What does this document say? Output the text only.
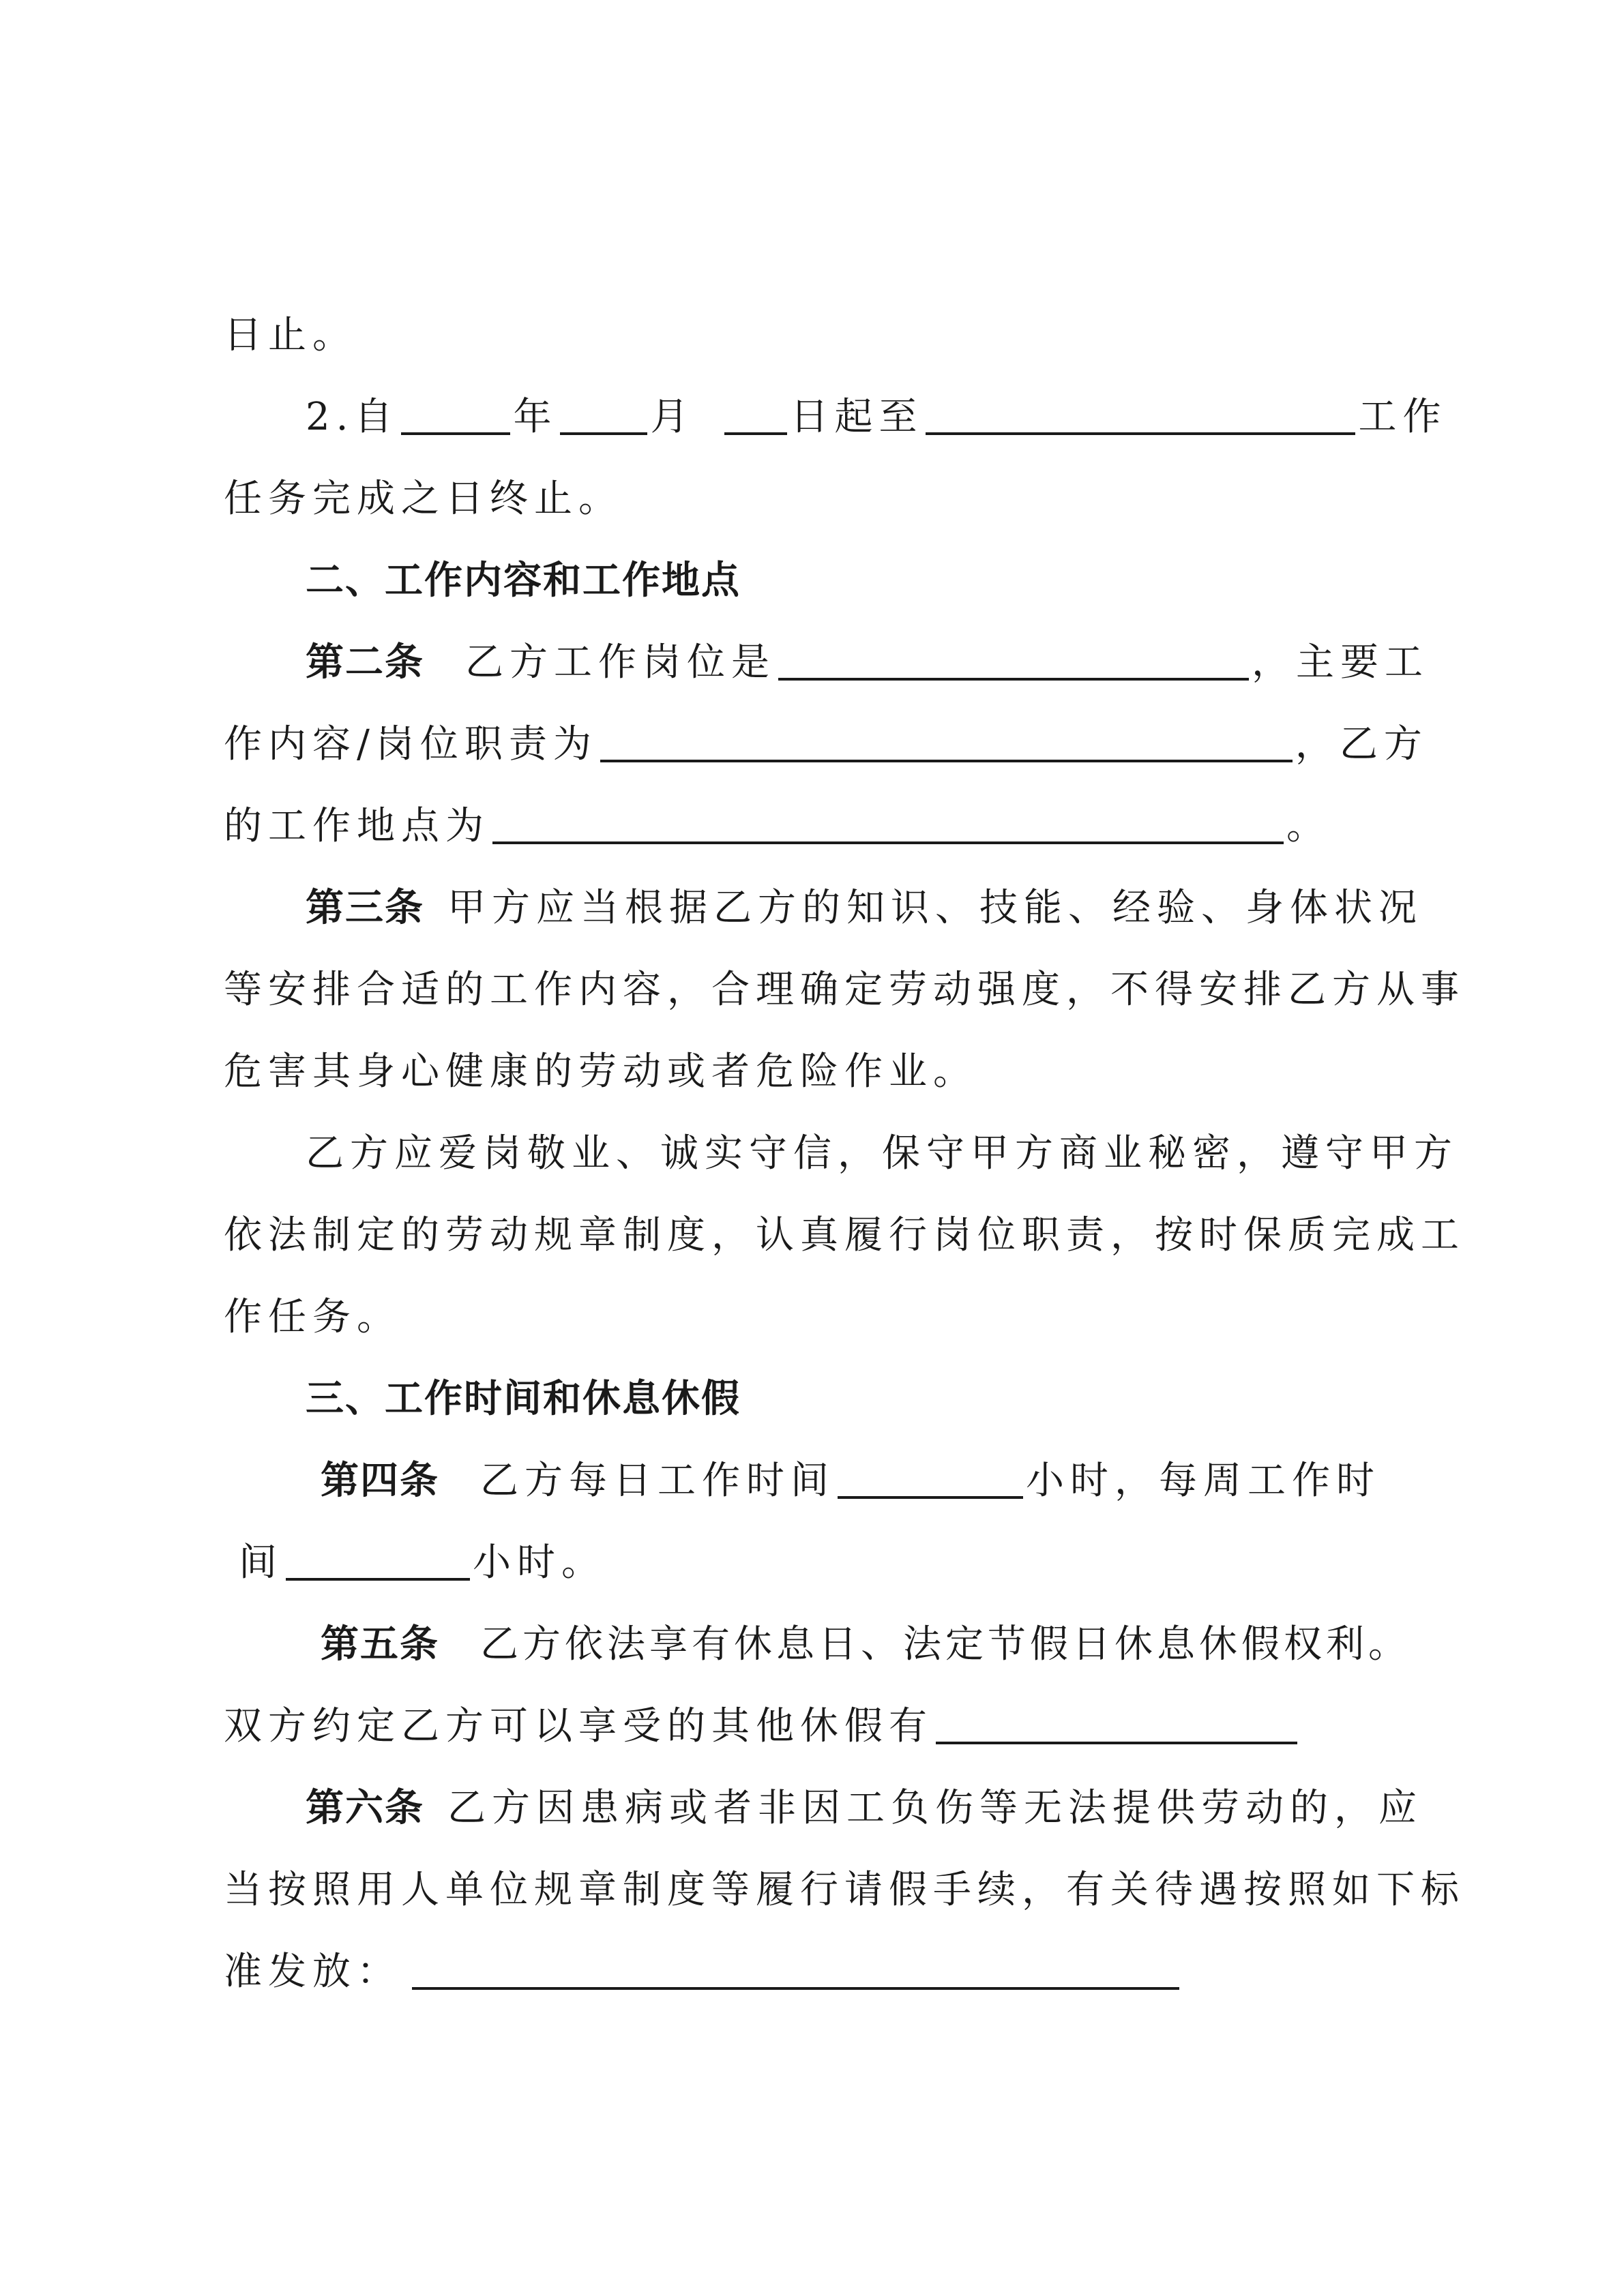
日止。
2.自	年 月	日起至	工作
任务完成之日终止。
二、工作内容和工作地点
第二条 乙方工作岗位是	，主要工
作内容/岗位职责为	，乙方
的工作地点为	。
第三条 甲方应当根据乙方的知识、技能、经验、身体状况
等安排合适的工作内容，合理确定劳动强度，不得安排乙方从事
危害其身心健康的劳动或者危险作业。
乙方应爱岗敬业、诚实守信，保守甲方商业秘密，遵守甲方
依法制定的劳动规章制度，认真履行岗位职责，按时保质完成工
作任务。
三、工作时间和休息休假
第四条 乙方每日工作时间	小时，每周工作时
间	小时。
第五条 乙方依法享有休息日、法定节假日休息休假权利。
双方约定乙方可以享受的其他休假有
第六条 乙方因患病或者非因工负伤等无法提供劳动的，应
当按照用人单位规章制度等履行请假手续，有关待遇按照如下标
准发放：
